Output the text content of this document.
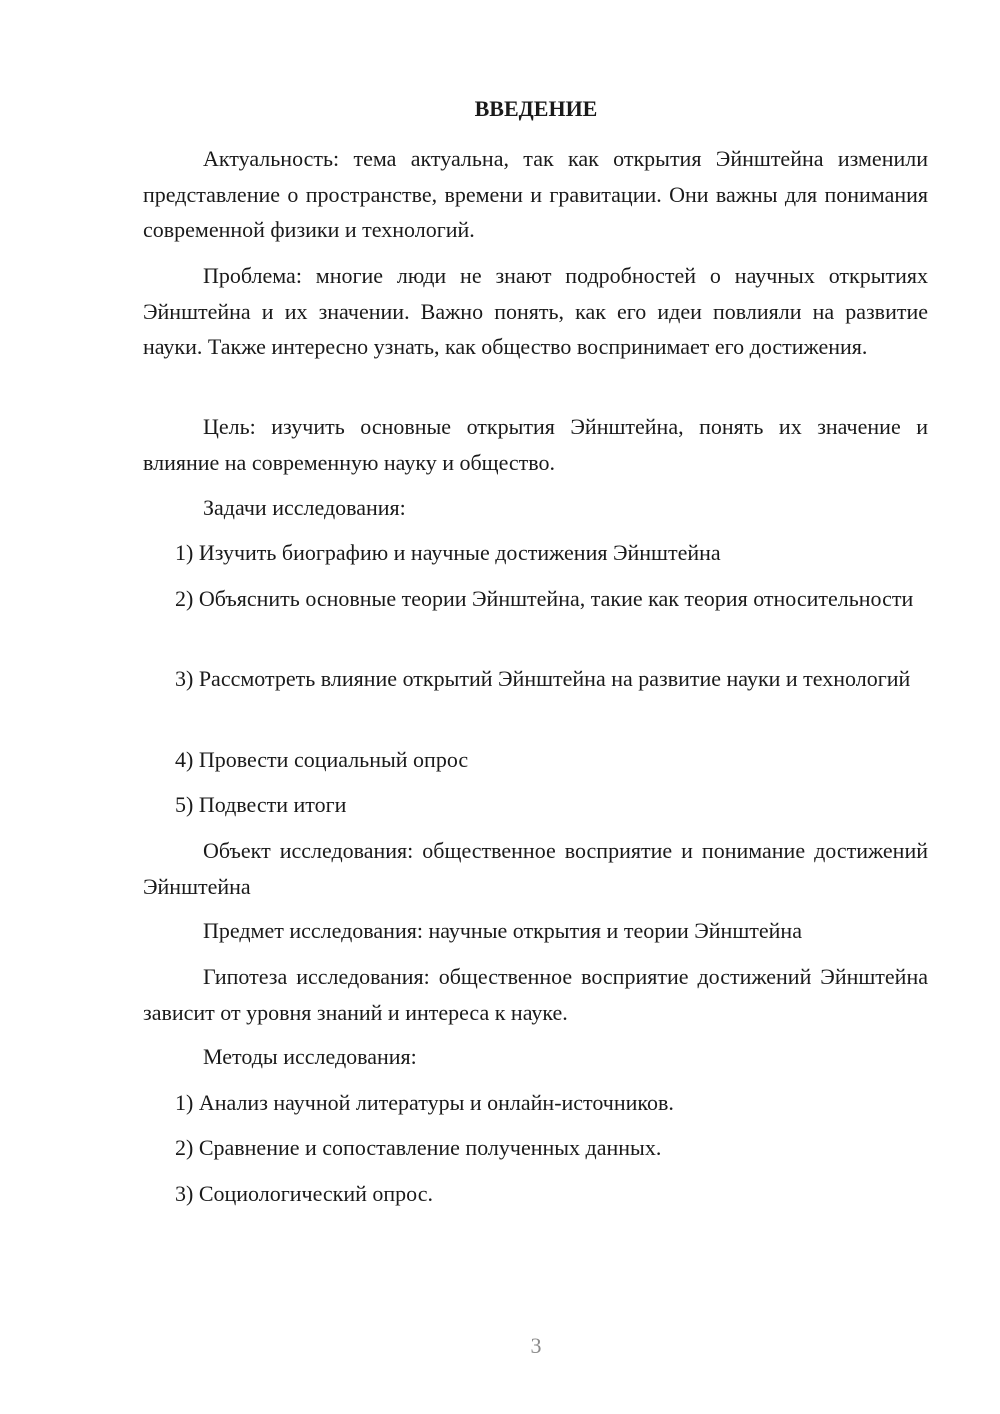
ВВЕДЕНИЕ

Актуальность: тема актуальна, так как открытия Эйнштейна изменили представление о пространстве, времени и гравитации. Они важны для понимания современной физики и технологий.

Проблема: многие люди не знают подробностей о научных открытиях Эйнштейна и их значении. Важно понять, как его идеи повлияли на развитие науки. Также интересно узнать, как общество воспринимает его достижения.

Цель: изучить основные открытия Эйнштейна, понять их значение и влияние на современную науку и общество.

Задачи исследования:

1) Изучить биографию и научные достижения Эйнштейна

2) Объяснить основные теории Эйнштейна, такие как теория относительности

3) Рассмотреть влияние открытий Эйнштейна на развитие науки и технологий

4) Провести социальный опрос

5) Подвести итоги

Объект исследования: общественное восприятие и понимание достижений Эйнштейна

Предмет исследования: научные открытия и теории Эйнштейна

Гипотеза исследования: общественное восприятие достижений Эйнштейна зависит от уровня знаний и интереса к науке.

Методы исследования:

1) Анализ научной литературы и онлайн-источников.

2) Сравнение и сопоставление полученных данных.

3) Социологический опрос.

3
